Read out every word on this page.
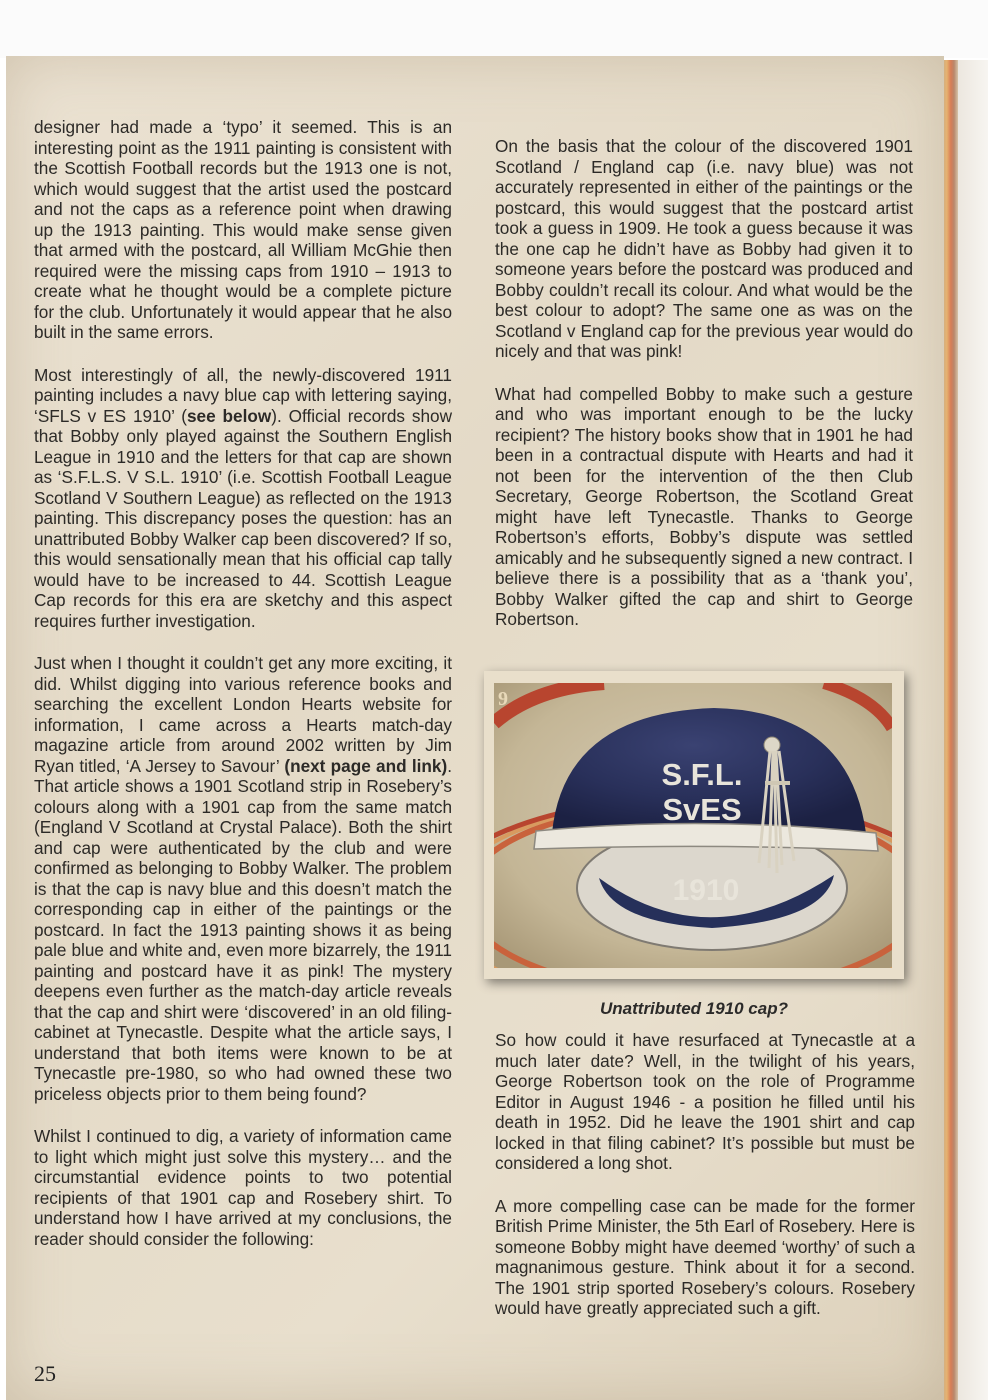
designer had made a ‘typo’ it seemed. This is an interesting point as the 1911 painting is consistent with the Scottish Football records but the 1913 one is not, which would suggest that the artist used the postcard and not the caps as a reference point when drawing up the 1913 painting. This would make sense given that armed with the postcard, all William McGhie then required were the missing caps from 1910 – 1913 to create what he thought would be a complete picture for the club. Unfortunately it would appear that he also built in the same errors.

Most interestingly of all, the newly-discovered 1911 painting includes a navy blue cap with lettering saying, ‘SFLS v ES 1910’ (see below). Official records show that Bobby only played against the Southern English League in 1910 and the letters for that cap are shown as ‘S.F.L.S. V S.L. 1910’ (i.e. Scottish Football League Scotland V Southern League) as reflected on the 1913 painting. This discrepancy poses the question: has an unattributed Bobby Walker cap been discovered? If so, this would sensationally mean that his official cap tally would have to be increased to 44. Scottish League Cap records for this era are sketchy and this aspect requires further investigation.

Just when I thought it couldn’t get any more exciting, it did. Whilst digging into various reference books and searching the excellent London Hearts website for information, I came across a Hearts match-day magazine article from around 2002 written by Jim Ryan titled, ‘A Jersey to Savour’ (next page and link). That article shows a 1901 Scotland strip in Rosebery’s colours along with a 1901 cap from the same match (England V Scotland at Crystal Palace). Both the shirt and cap were authenticated by the club and were confirmed as belonging to Bobby Walker. The problem is that the cap is navy blue and this doesn’t match the corresponding cap in either of the paintings or the postcard. In fact the 1913 painting shows it as being pale blue and white and, even more bizarrely, the 1911 painting and postcard have it as pink! The mystery deepens even further as the match-day article reveals that the cap and shirt were ‘discovered’ in an old filing-cabinet at Tynecastle. Despite what the article says, I understand that both items were known to be at Tynecastle pre-1980, so who had owned these two priceless objects prior to them being found?

Whilst I continued to dig, a variety of information came to light which might just solve this mystery… and the circumstantial evidence points to two potential recipients of that 1901 cap and Rosebery shirt. To understand how I have arrived at my conclusions, the reader should consider the following:

On the basis that the colour of the discovered 1901 Scotland / England cap (i.e. navy blue) was not accurately represented in either of the paintings or the postcard, this would suggest that the postcard artist took a guess in 1909. He took a guess because it was the one cap he didn’t have as Bobby had given it to someone years before the postcard was produced and Bobby couldn’t recall its colour. And what would be the best colour to adopt? The same one as was on the Scotland v England cap for the previous year would do nicely and that was pink!

What had compelled Bobby to make such a gesture and who was important enough to be the lucky recipient? The history books show that in 1901 he had been in a contractual dispute with Hearts and had it not been for the intervention of the then Club Secretary, George Robertson, the Scotland Great might have left Tynecastle. Thanks to George Robertson’s efforts, Bobby’s dispute was settled amicably and he subsequently signed a new contract. I believe there is a possibility that as a ‘thank you’, Bobby Walker gifted the cap and shirt to George Robertson.

9
S.F.L.
SvES
1910
Unattributed 1910 cap?

So how could it have resurfaced at Tynecastle at a much later date? Well, in the twilight of his years, George Robertson took on the role of Programme Editor in August 1946 - a position he filled until his death in 1952. Did he leave the 1901 shirt and cap locked in that filing cabinet? It’s possible but must be considered a long shot.

A more compelling case can be made for the former British Prime Minister, the 5th Earl of Rosebery. Here is someone Bobby might have deemed ‘worthy’ of such a magnanimous gesture. Think about it for a second. The 1901 strip sported Rosebery’s colours. Rosebery would have greatly appreciated such a gift.

25
